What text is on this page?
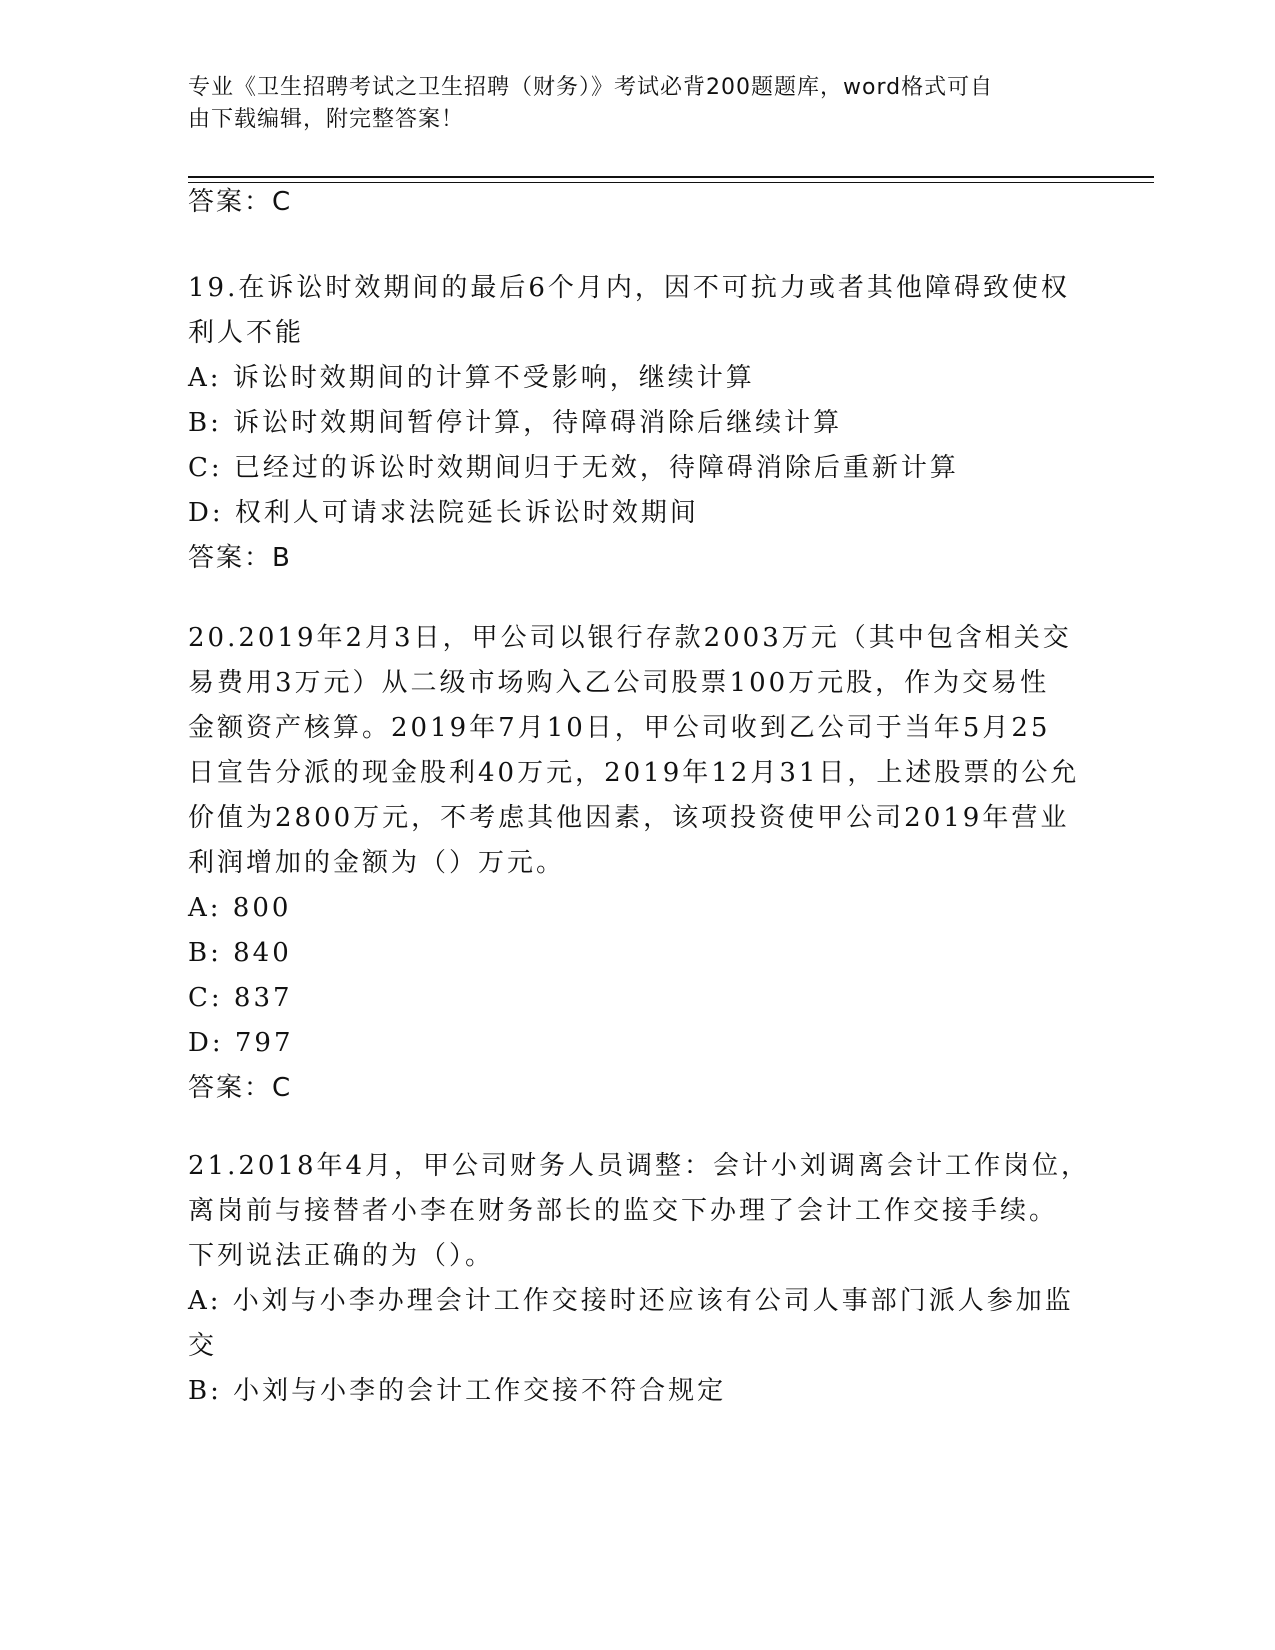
专业《卫生招聘考试之卫生招聘（财务）》考试必背200题题库，word格式可自
由下载编辑，附完整答案！
答案：C
19.在诉讼时效期间的最后6个月内，因不可抗力或者其他障碍致使权
利人不能
A: 诉讼时效期间的计算不受影响，继续计算
B: 诉讼时效期间暂停计算，待障碍消除后继续计算
C: 已经过的诉讼时效期间归于无效，待障碍消除后重新计算
D: 权利人可请求法院延长诉讼时效期间
答案：B
20.2019年2月3日，甲公司以银行存款2003万元（其中包含相关交
易费用3万元）从二级市场购入乙公司股票100万元股，作为交易性
金额资产核算。2019年7月10日，甲公司收到乙公司于当年5月25
日宣告分派的现金股利40万元，2019年12月31日，上述股票的公允
价值为2800万元，不考虑其他因素，该项投资使甲公司2019年营业
利润增加的金额为（）万元。
A: 800
B: 840
C: 837
D: 797
答案：C
21.2018年4月，甲公司财务人员调整：会计小刘调离会计工作岗位，
离岗前与接替者小李在财务部长的监交下办理了会计工作交接手续。
下列说法正确的为（）。
A: 小刘与小李办理会计工作交接时还应该有公司人事部门派人参加监
交
B: 小刘与小李的会计工作交接不符合规定
